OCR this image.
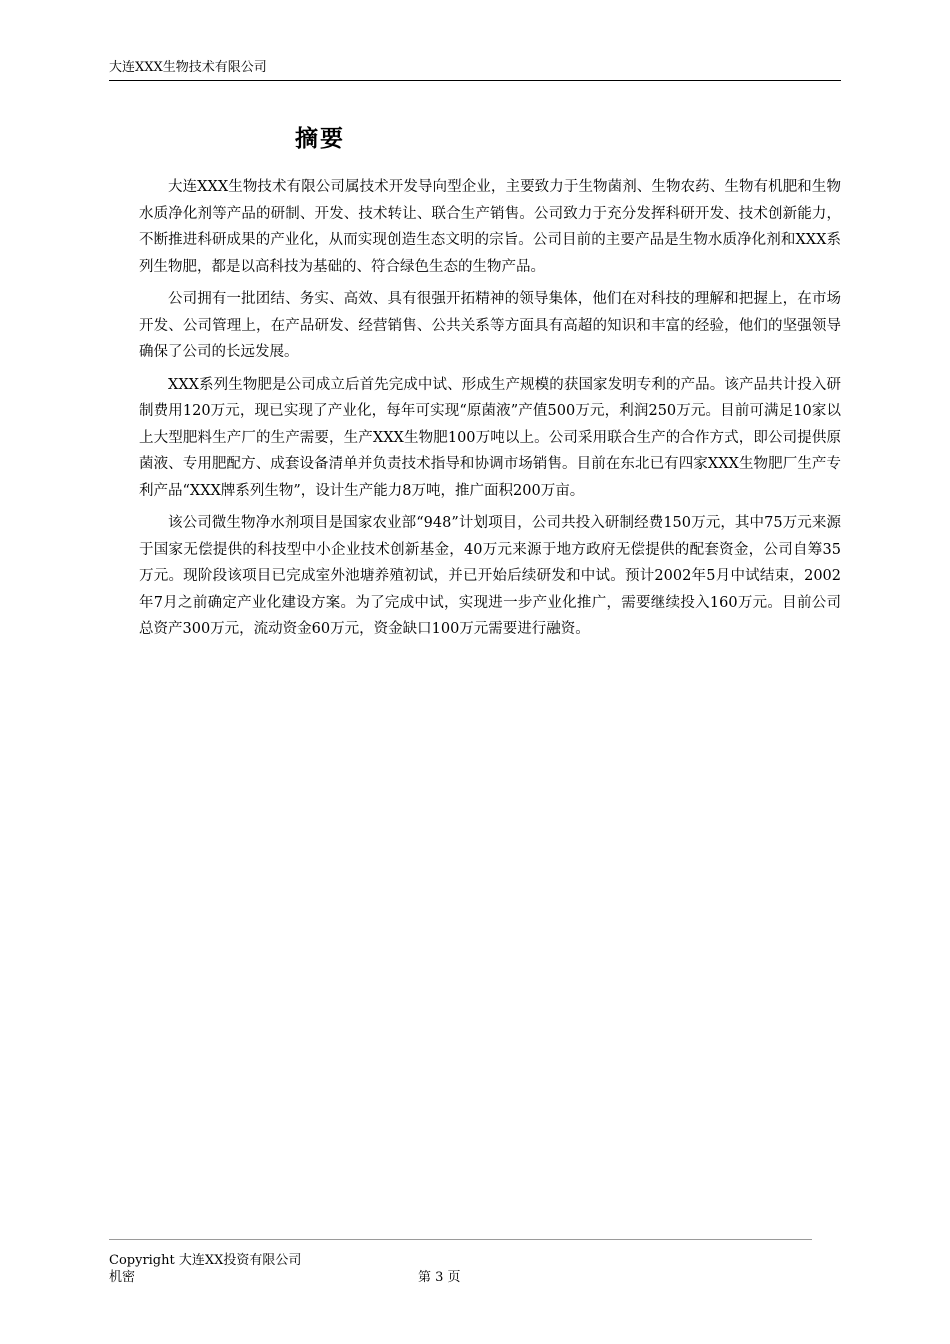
大连XXX生物技术有限公司
摘要

大连XXX生物技术有限公司属技术开发导向型企业，主要致力于生物菌剂、生物农药、生物有机肥和生物水质净化剂等产品的研制、开发、技术转让、联合生产销售。公司致力于充分发挥科研开发、技术创新能力，不断推进科研成果的产业化，从而实现创造生态文明的宗旨。公司目前的主要产品是生物水质净化剂和XXX系列生物肥，都是以高科技为基础的、符合绿色生态的生物产品。

公司拥有一批团结、务实、高效、具有很强开拓精神的领导集体，他们在对科技的理解和把握上，在市场开发、公司管理上，在产品研发、经营销售、公共关系等方面具有高超的知识和丰富的经验，他们的坚强领导确保了公司的长远发展。

XXX系列生物肥是公司成立后首先完成中试、形成生产规模的获国家发明专利的产品。该产品共计投入研制费用120万元，现已实现了产业化，每年可实现“原菌液”产值500万元，利润250万元。目前可满足10家以上大型肥料生产厂的生产需要，生产XXX生物肥100万吨以上。公司采用联合生产的合作方式，即公司提供原菌液、专用肥配方、成套设备清单并负责技术指导和协调市场销售。目前在东北已有四家XXX生物肥厂生产专利产品“XXX牌系列生物”，设计生产能力8万吨，推广面积200万亩。

该公司微生物净水剂项目是国家农业部“948”计划项目，公司共投入研制经费150万元，其中75万元来源于国家无偿提供的科技型中小企业技术创新基金，40万元来源于地方政府无偿提供的配套资金，公司自筹35万元。现阶段该项目已完成室外池塘养殖初试，并已开始后续研发和中试。预计2002年5月中试结束，2002年7月之前确定产业化建设方案。为了完成中试，实现进一步产业化推广，需要继续投入160万元。目前公司总资产300万元，流动资金60万元，资金缺口100万元需要进行融资。

Copyright 大连XX投资有限公司
机密	第 3 页
